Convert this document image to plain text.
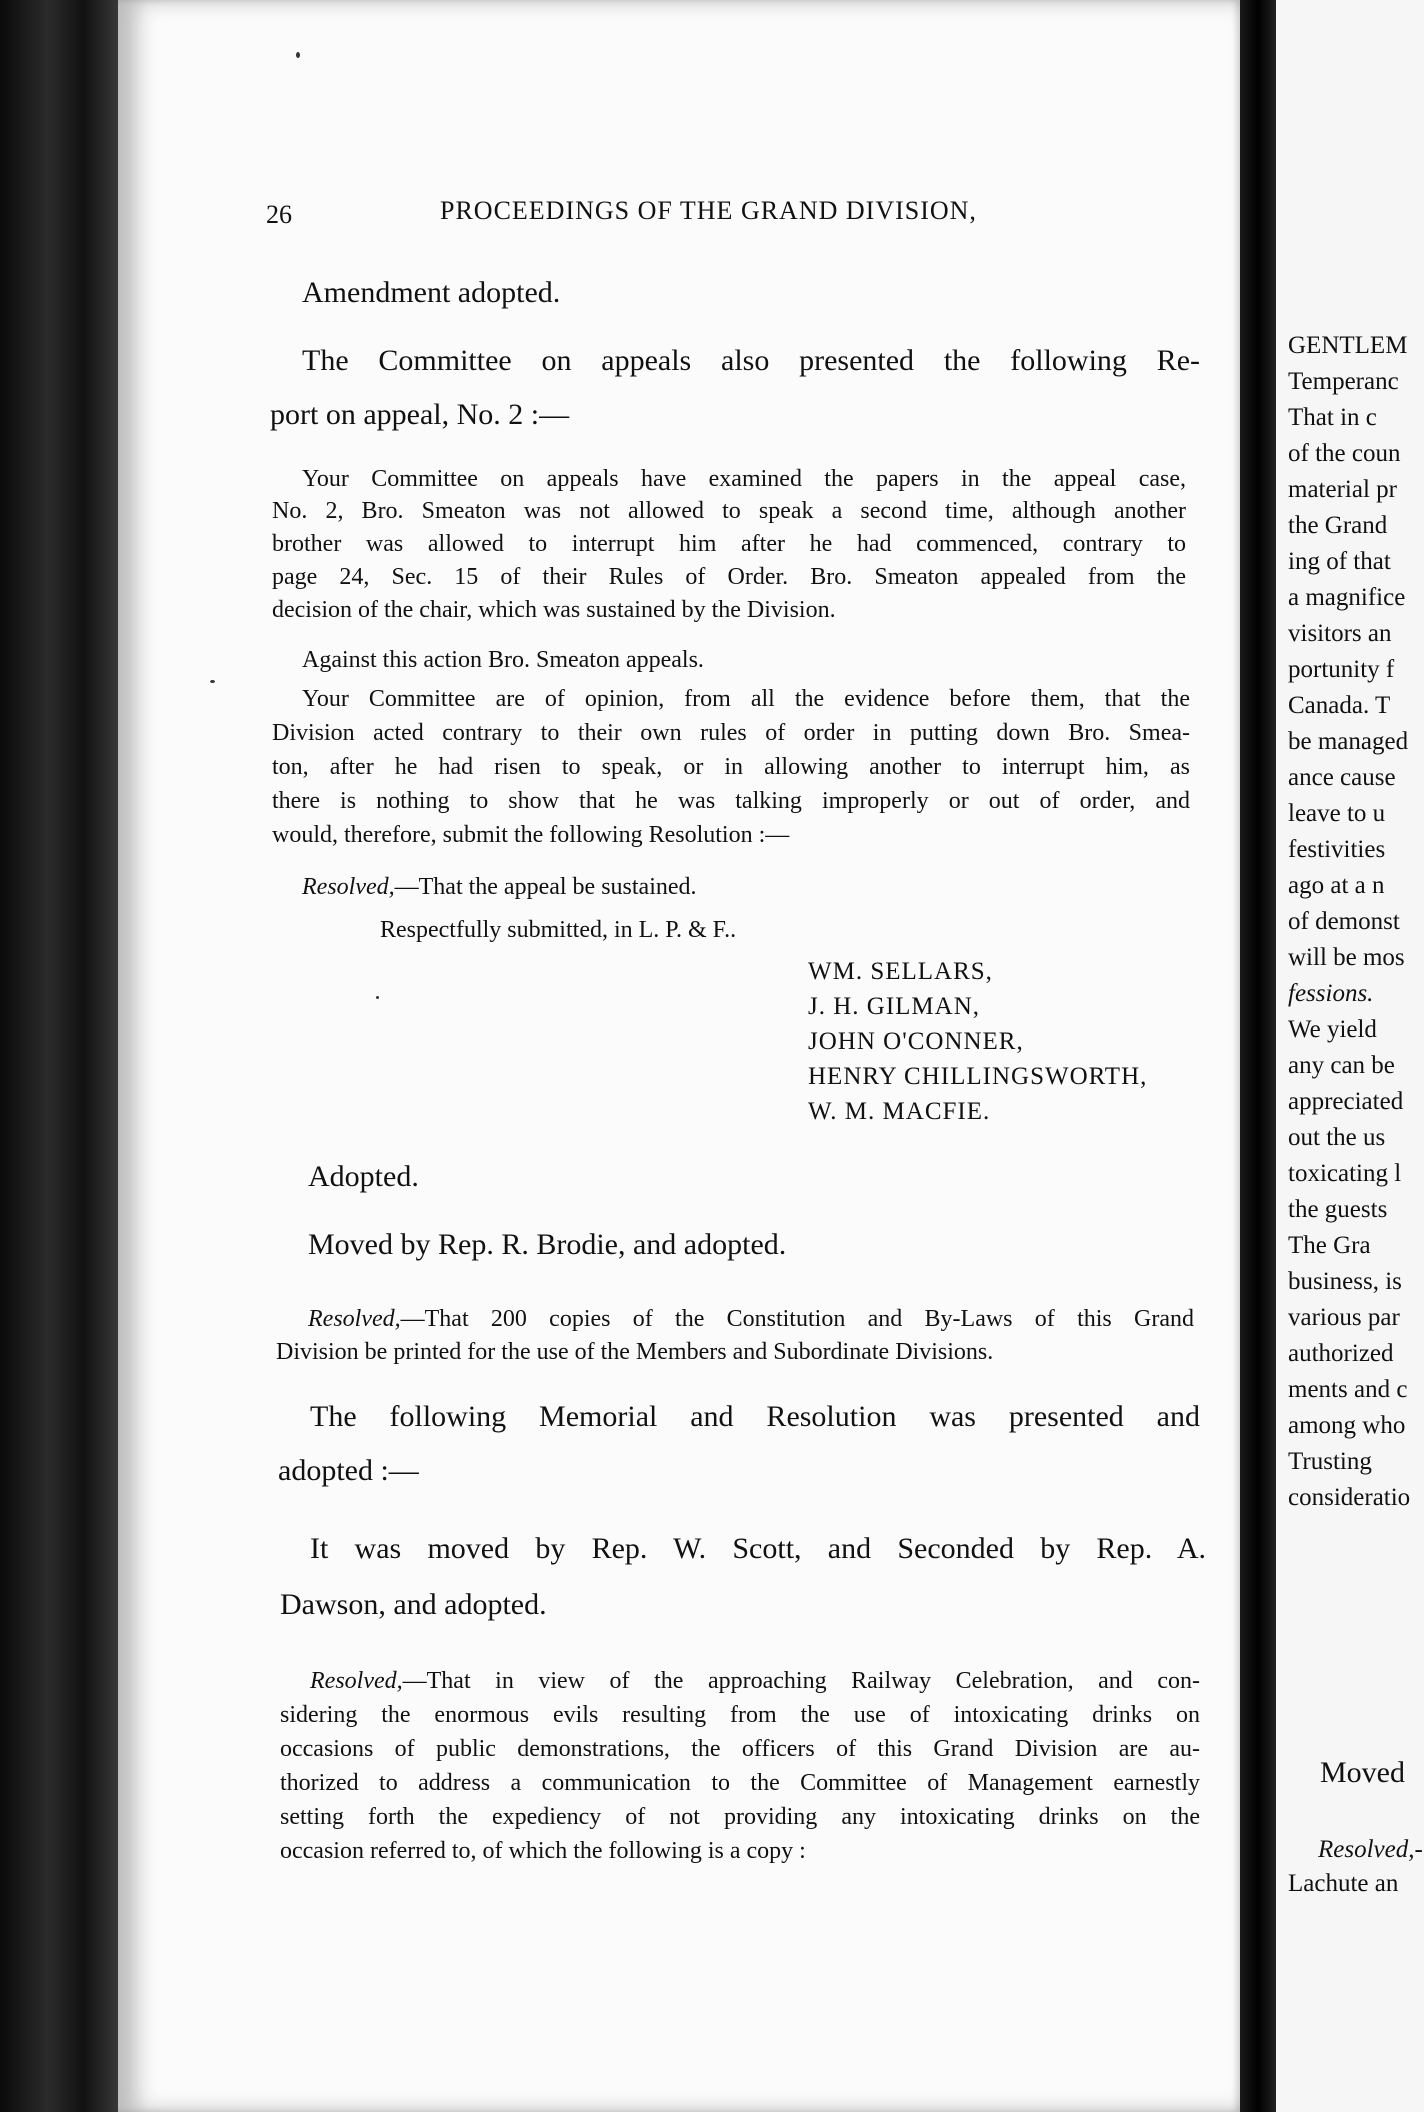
26	PROCEEDINGS OF THE GRAND DIVISION,
Amendment adopted.
The Committee on appeals also presented the following Re-
port on appeal, No. 2 :—
Your Committee on appeals have examined the papers in the appeal case,
No. 2, Bro. Smeaton was not allowed to speak a second time, although another
brother was allowed to interrupt him after he had commenced, contrary to
page 24, Sec. 15 of their Rules of Order. Bro. Smeaton appealed from the
decision of the chair, which was sustained by the Division.
Against this action Bro. Smeaton appeals.
Your Committee are of opinion, from all the evidence before them, that the
Division acted contrary to their own rules of order in putting down Bro. Smea-
ton, after he had risen to speak, or in allowing another to interrupt him, as
there is nothing to show that he was talking improperly or out of order, and
would, therefore, submit the following Resolution :—
Resolved,—That the appeal be sustained.
Respectfully submitted, in L. P. & F..
WM. SELLARS,
J. H. GILMAN,
JOHN O'CONNER,
HENRY CHILLINGSWORTH,
W. M. MACFIE.
Adopted.
Moved by Rep. R. Brodie, and adopted.
Resolved,—That 200 copies of the Constitution and By-Laws of this Grand
Division be printed for the use of the Members and Subordinate Divisions.
The following Memorial and Resolution was presented and
adopted :—
It was moved by Rep. W. Scott, and Seconded by Rep. A.
Dawson, and adopted.
Resolved,—That in view of the approaching Railway Celebration, and con-
sidering the enormous evils resulting from the use of intoxicating drinks on
occasions of public demonstrations, the officers of this Grand Division are au-
thorized to address a communication to the Committee of Management earnestly
setting forth the expediency of not providing any intoxicating drinks on the
occasion referred to, of which the following is a copy :
GENTLEM
Temperanc
That in c
of the coun
material pr
the Grand
ing of that
a magnifice
visitors an
portunity f
Canada. T
be managed
ance cause
leave to u
festivities
ago at a n
of demonst
will be mos
fessions.
We yield
any can be
appreciated
out the us
toxicating l
the guests
The Gra
business, is
various par
authorized
ments and c
among who
Trusting
consideratio
Moved
Resolved,-
Lachute an
